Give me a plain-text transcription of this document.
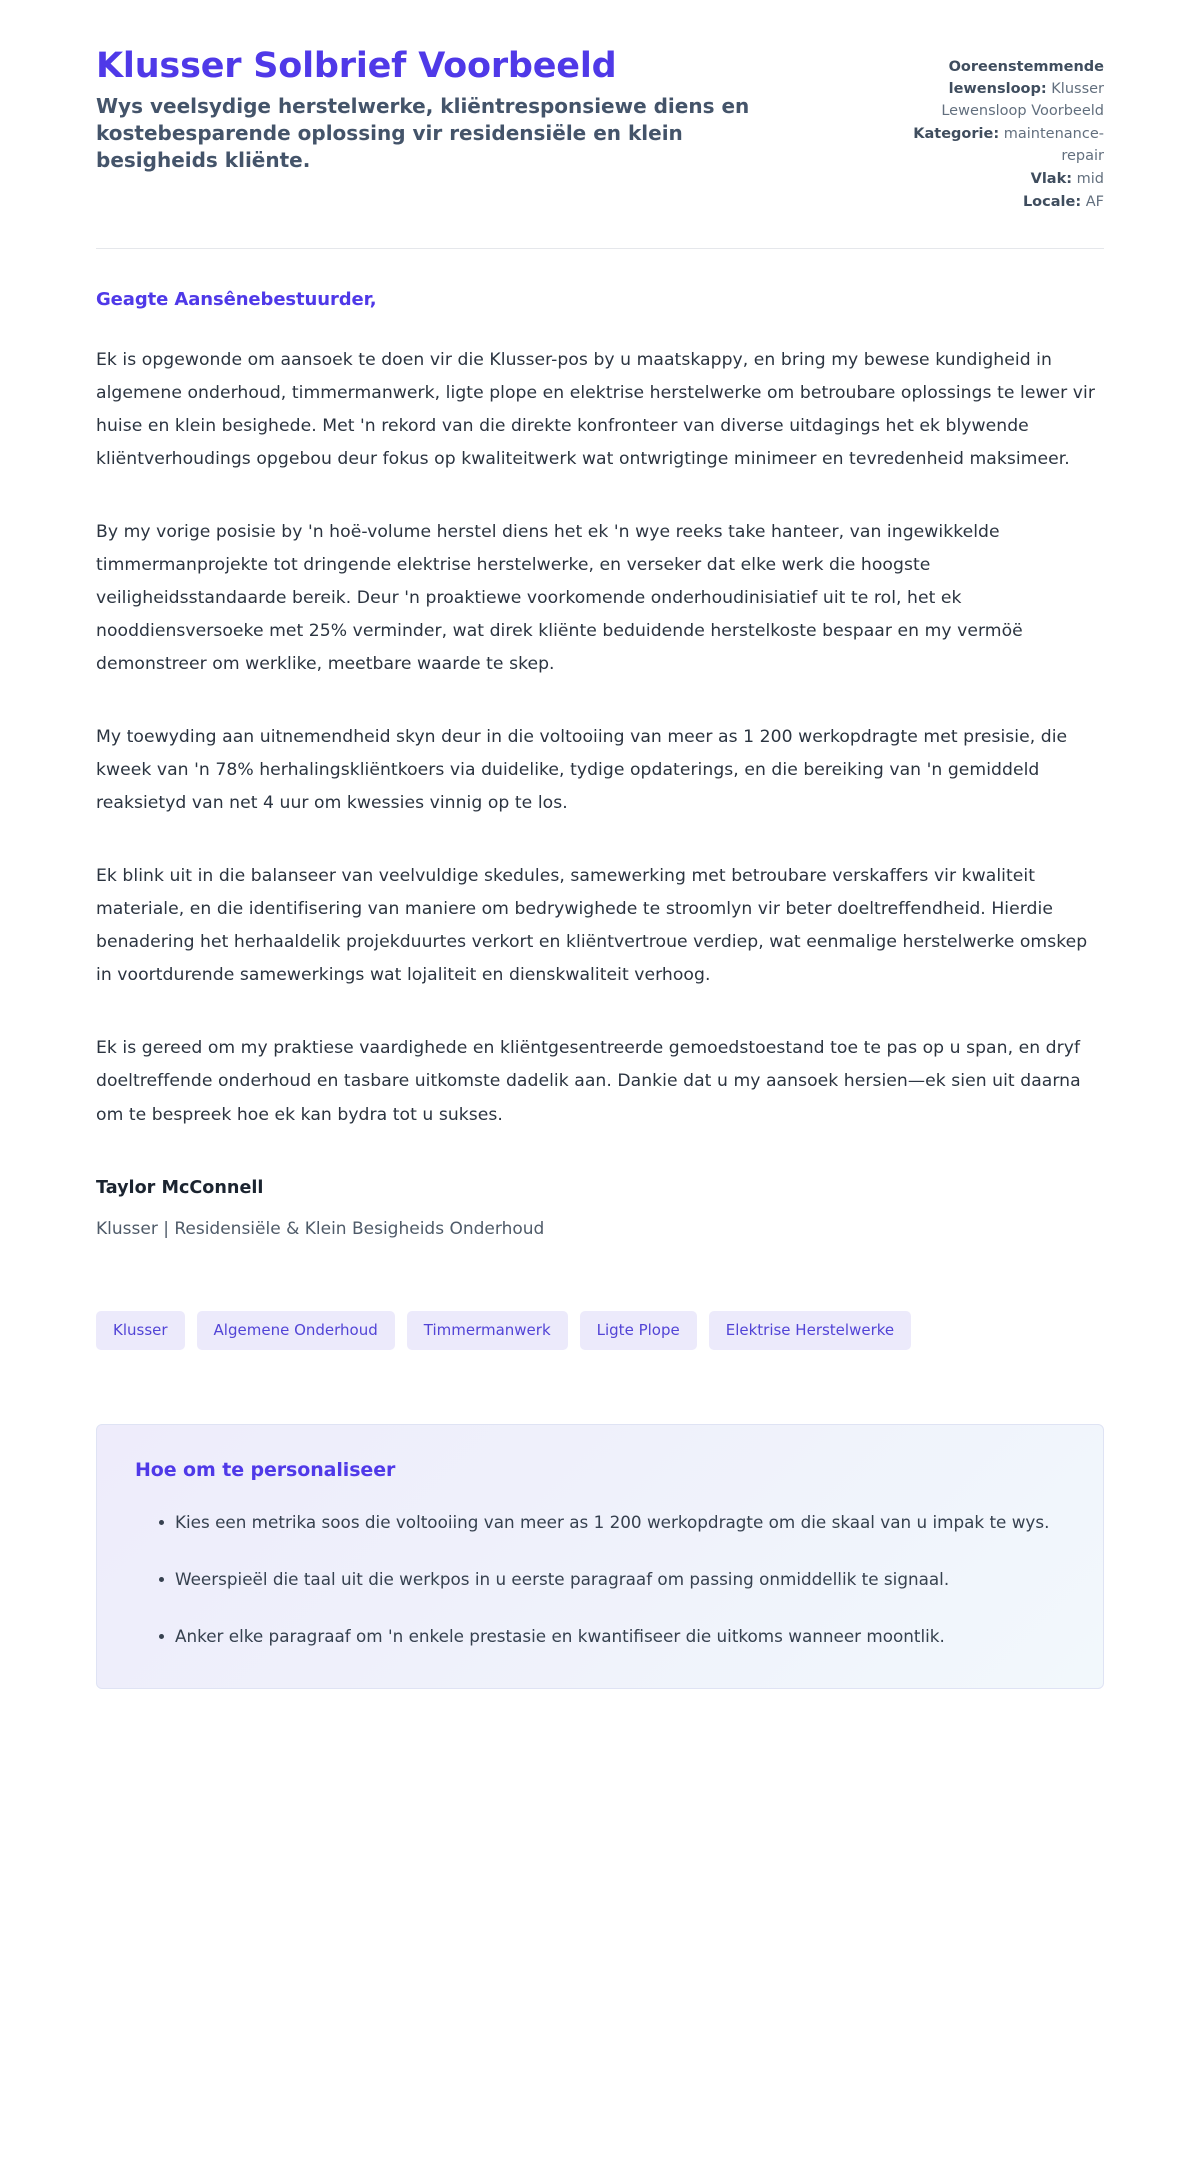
Klusser Solbrief Voorbeeld

Wys veelsydige herstelwerke, kliëntresponsiewe diens en kostebesparende oplossing vir residensiële en klein besigheids kliënte.

Ooreenstemmende lewensloop: Klusser Lewensloop Voorbeeld

Kategorie: maintenance-repair

Vlak: mid

Locale: AF

Geagte Aansênebestuurder,

Ek is opgewonde om aansoek te doen vir die Klusser-pos by u maatskappy, en bring my bewese kundigheid in algemene onderhoud, timmermanwerk, ligte plope en elektrise herstelwerke om betroubare oplossings te lewer vir huise en klein besighede. Met 'n rekord van die direkte konfronteer van diverse uitdagings het ek blywende kliëntverhoudings opgebou deur fokus op kwaliteitwerk wat ontwrigtinge minimeer en tevredenheid maksimeer.

By my vorige posisie by 'n hoë-volume herstel diens het ek 'n wye reeks take hanteer, van ingewikkelde timmermanprojekte tot dringende elektrise herstelwerke, en verseker dat elke werk die hoogste veiligheidsstandaarde bereik. Deur 'n proaktiewe voorkomende onderhoudinisiatief uit te rol, het ek nooddiensversoeke met 25% verminder, wat direk kliënte beduidende herstelkoste bespaar en my vermöë demonstreer om werklike, meetbare waarde te skep.

My toewyding aan uitnemendheid skyn deur in die voltooiing van meer as 1 200 werkopdragte met presisie, die kweek van 'n 78% herhalingskliëntkoers via duidelike, tydige opdaterings, en die bereiking van 'n gemiddeld reaksietyd van net 4 uur om kwessies vinnig op te los.

Ek blink uit in die balanseer van veelvuldige skedules, samewerking met betroubare verskaffers vir kwaliteit materiale, en die identifisering van maniere om bedrywighede te stroomlyn vir beter doeltreffendheid. Hierdie benadering het herhaaldelik projekduurtes verkort en kliëntvertroue verdiep, wat eenmalige herstelwerke omskep in voortdurende samewerkings wat lojaliteit en dienskwaliteit verhoog.

Ek is gereed om my praktiese vaardighede en kliëntgesentreerde gemoedstoestand toe te pas op u span, en dryf doeltreffende onderhoud en tasbare uitkomste dadelik aan. Dankie dat u my aansoek hersien—ek sien uit daarna om te bespreek hoe ek kan bydra tot u sukses.

Taylor McConnell

Klusser | Residensiële & Klein Besigheids Onderhoud

Klusser	Algemene Onderhoud	Timmermanwerk	Ligte Plope	Elektrise Herstelwerke

Hoe om te personaliseer

Kies een metrika soos die voltooiing van meer as 1 200 werkopdragte om die skaal van u impak te wys.
Weerspieël die taal uit die werkpos in u eerste paragraaf om passing onmiddellik te signaal.
Anker elke paragraaf om 'n enkele prestasie en kwantifiseer die uitkoms wanneer moontlik.
